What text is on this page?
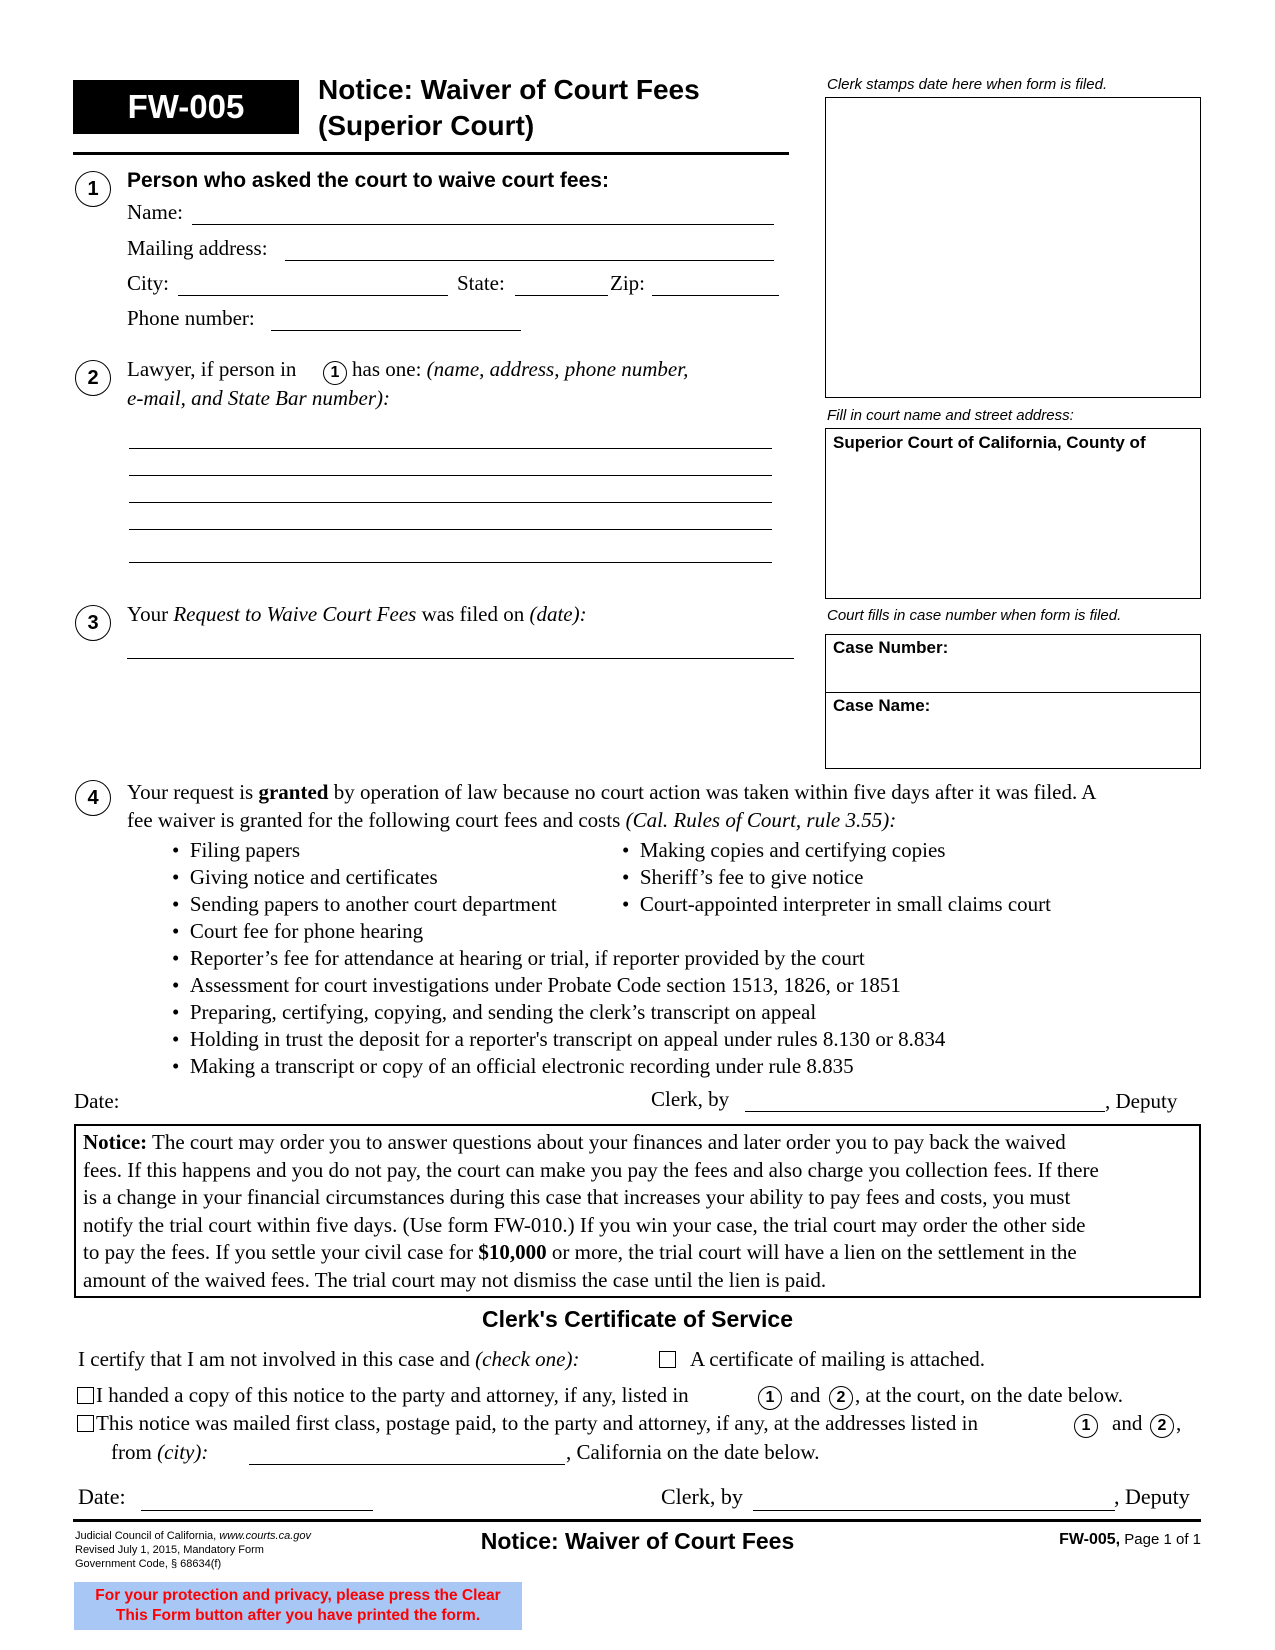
FW-005	Notice: Waiver of Court Fees
(Superior Court)
Clerk stamps date here when form is filed.
Fill in court name and street address:
Superior Court of California, County of
Court fills in case number when form is filed.
Case Number:
Case Name:
1	Person who asked the court to waive court fees:
Name:
Mailing address:
City:	State:	Zip:
Phone number:
2	Lawyer, if person in	1 has one: (name, address, phone number,
e-mail, and State Bar number):
3	Your Request to Waive Court Fees was filed on (date):
4	Your request is granted by operation of law because no court action was taken within five days after it was filed. A
fee waiver is granted for the following court fees and costs (Cal. Rules of Court, rule 3.55):
• Filing papers
• Giving notice and certificates
• Sending papers to another court department
• Making copies and certifying copies
• Sheriff’s fee to give notice
• Court-appointed interpreter in small claims court
• Court fee for phone hearing
• Reporter’s fee for attendance at hearing or trial, if reporter provided by the court
• Assessment for court investigations under Probate Code section 1513, 1826, or 1851
• Preparing, certifying, copying, and sending the clerk’s transcript on appeal
• Holding in trust the deposit for a reporter's transcript on appeal under rules 8.130 or 8.834
• Making a transcript or copy of an official electronic recording under rule 8.835
Date:	Clerk, by	, Deputy
Notice: The court may order you to answer questions about your finances and later order you to pay back the waived
fees. If this happens and you do not pay, the court can make you pay the fees and also charge you collection fees. If there
is a change in your financial circumstances during this case that increases your ability to pay fees and costs, you must
notify the trial court within five days. (Use form FW-010.) If you win your case, the trial court may order the other side
to pay the fees. If you settle your civil case for $10,000 or more, the trial court will have a lien on the settlement in the
amount of the waived fees. The trial court may not dismiss the case until the lien is paid.
Clerk's Certificate of Service
I certify that I am not involved in this case and (check one):	A certificate of mailing is attached.
I handed a copy of this notice to the party and attorney, if any, listed in	1 and	2 , at the court, on the date below.
This notice was mailed first class, postage paid, to the party and attorney, if any, at the addresses listed in	1	and 2 ,
from (city):	, California on the date below.
Date:	Clerk, by	, Deputy
Judicial Council of California, www.courts.ca.gov
Revised July 1, 2015, Mandatory Form
Government Code, § 68634(f)
Notice: Waiver of Court Fees	FW-005, Page 1 of 1
For your protection and privacy, please press the Clear
This Form button after you have printed the form.
